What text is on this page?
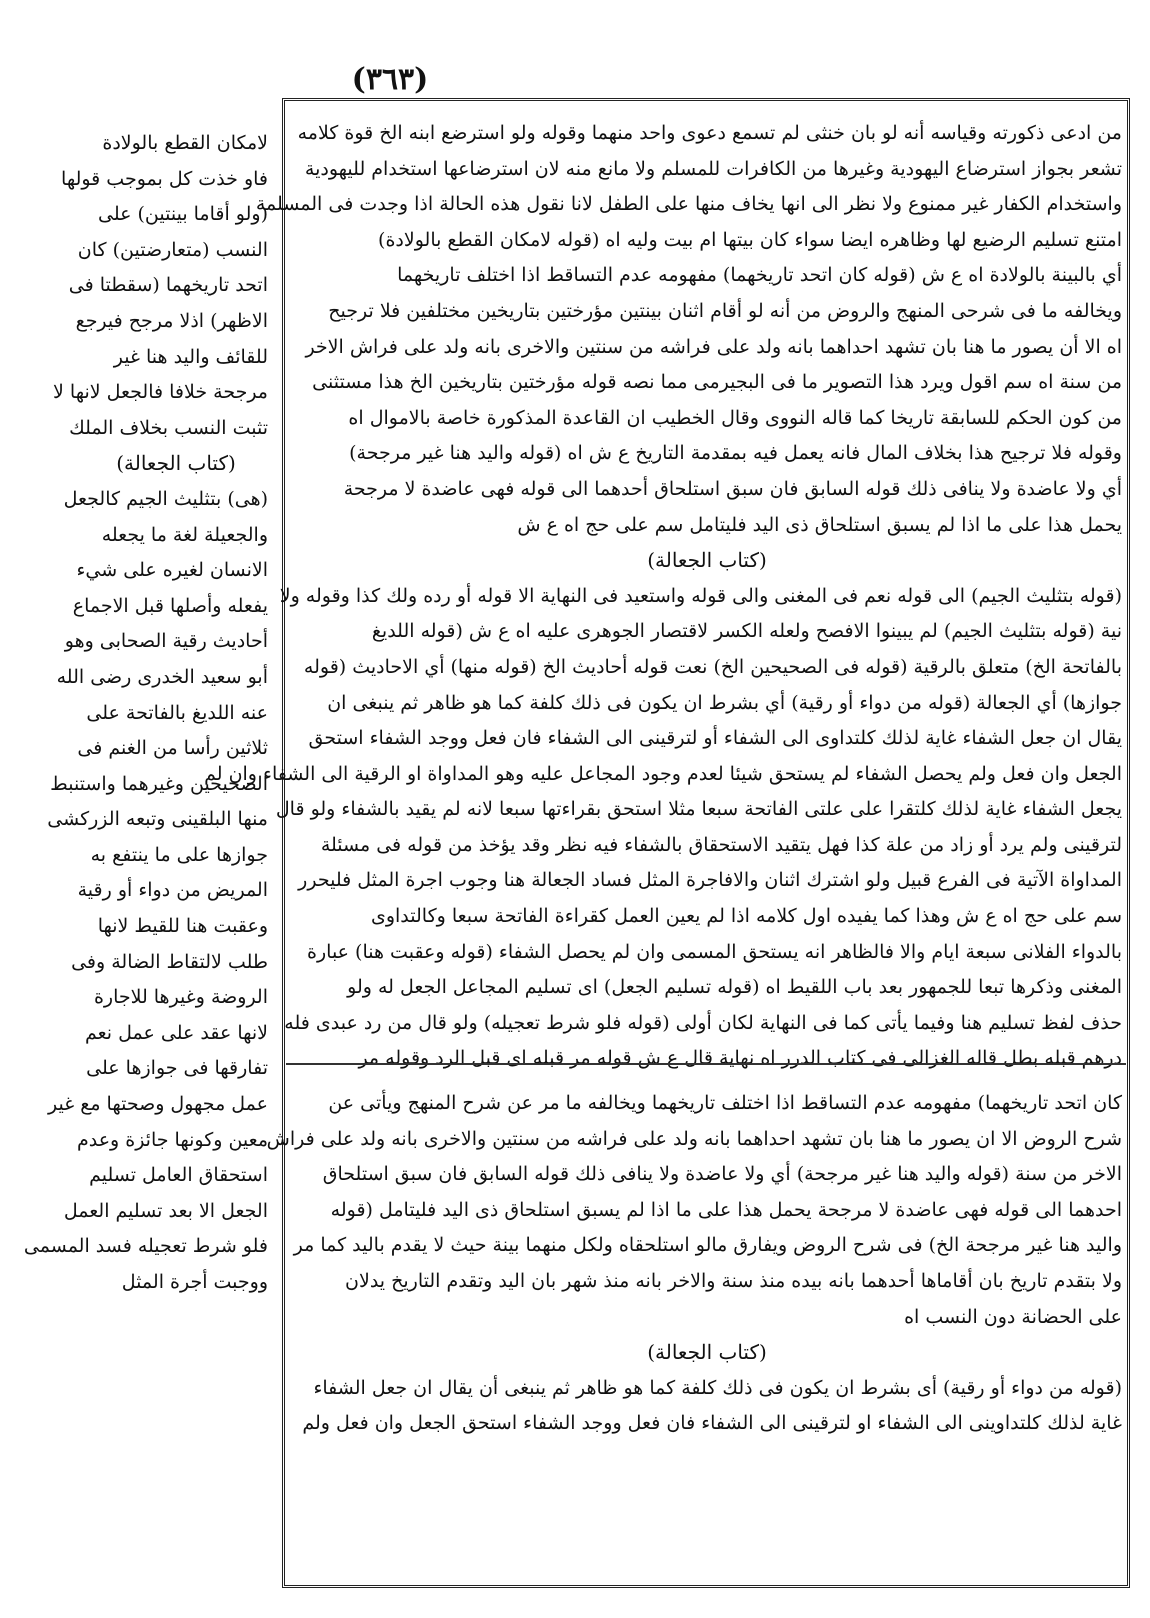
(٣٦٣)
من ادعی ذكورته وقياسه أنه لو بان خنثى لم تسمع دعوى واحد منهما وقوله ولو استرضع ابنه الخ قوة كلامه
تشعر بجواز استرضاع اليهودية وغيرها من الكافرات للمسلم ولا مانع منه لان استرضاعها استخدام لليهودية
واستخدام الكفار غير ممنوع ولا نظر الى انها يخاف منها على الطفل لانا نقول هذه الحالة اذا وجدت فى المسلمة
امتنع تسليم الرضيع لها وظاهره ايضا سواء كان بيتها ام بيت وليه اه (قوله لامكان القطع بالولادة)
أي بالبينة بالولادة اه ع ش (قوله كان اتحد تاريخهما) مفهومه عدم التساقط اذا اختلف تاريخهما
ويخالفه ما فى شرحى المنهج والروض من أنه لو أقام اثنان بينتين مؤرختين بتاريخين مختلفين فلا ترجيح
اه الا أن يصور ما هنا بان تشهد احداهما بانه ولد على فراشه من سنتين والاخرى بانه ولد على فراش الاخر
من سنة اه سم اقول ويرد هذا التصوير ما فى البجيرمى مما نصه قوله مؤرختين بتاريخين الخ هذا مستثنى
من كون الحكم للسابقة تاريخا كما قاله النووى وقال الخطيب ان القاعدة المذكورة خاصة بالاموال اه
وقوله فلا ترجيح هذا بخلاف المال فانه يعمل فيه بمقدمة التاريخ ع ش اه (قوله واليد هنا غير مرجحة)
أي ولا عاضدة ولا ينافى ذلك قوله السابق فان سبق استلحاق أحدهما الى قوله فهى عاضدة لا مرجحة
يحمل هذا على ما اذا لم يسبق استلحاق ذى اليد فليتامل سم على حج اه ع ش
(كتاب الجعالة)
(قوله بتثليث الجيم) الى قوله نعم فى المغنى والى قوله واستعيد فى النهاية الا قوله أو رده ولك كذا وقوله ولا
نية (قوله بتثليث الجيم) لم يبينوا الافصح ولعله الكسر لاقتصار الجوهرى عليه اه ع ش (قوله اللديغ
بالفاتحة الخ) متعلق بالرقية (قوله فى الصحيحين الخ) نعت قوله أحاديث الخ (قوله منها) أي الاحاديث (قوله
جوازها) أي الجعالة (قوله من دواء أو رقية) أي بشرط ان يكون فى ذلك كلفة كما هو ظاهر ثم ينبغى ان
يقال ان جعل الشفاء غاية لذلك كلتداوى الى الشفاء أو لترقينى الى الشفاء فان فعل ووجد الشفاء استحق
الجعل وان فعل ولم يحصل الشفاء لم يستحق شيئا لعدم وجود المجاعل عليه وهو المداواة او الرقية الى الشفاء وان لم
يجعل الشفاء غاية لذلك كلتقرا على علتى الفاتحة سبعا مثلا استحق بقراءتها سبعا لانه لم يقيد بالشفاء ولو قال
لترقينى ولم يرد أو زاد من علة كذا فهل يتقيد الاستحقاق بالشفاء فيه نظر وقد يؤخذ من قوله فى مسئلة
المداواة الآتية فى الفرع قبيل ولو اشترك اثنان والافاجرة المثل فساد الجعالة هنا وجوب اجرة المثل فليحرر
سم على حج اه ع ش وهذا كما يفيده اول كلامه اذا لم يعين العمل كقراءة الفاتحة سبعا وكالتداوى
بالدواء الفلانى سبعة ايام والا فالظاهر انه يستحق المسمى وان لم يحصل الشفاء (قوله وعقبت هنا) عبارة
المغنى وذكرها تبعا للجمهور بعد باب اللقيط اه (قوله تسليم الجعل) اى تسليم المجاعل الجعل له ولو
حذف لفظ تسليم هنا وفيما يأتى كما فى النهاية لكان أولى (قوله فلو شرط تعجيله) ولو قال من رد عبدى فله
درهم قبله بطل قاله الغزالى فى كتاب الدرر اه نهاية قال ع ش قوله مر قبله اى قبل الرد وقوله مر
كان اتحد تاريخهما) مفهومه عدم التساقط اذا اختلف تاريخهما ويخالفه ما مر عن شرح المنهج ويأتى عن
شرح الروض الا ان يصور ما هنا بان تشهد احداهما بانه ولد على فراشه من سنتين والاخرى بانه ولد على فراش
الاخر من سنة (قوله واليد هنا غير مرجحة) أي ولا عاضدة ولا ينافى ذلك قوله السابق فان سبق استلحاق
احدهما الى قوله فهى عاضدة لا مرجحة يحمل هذا على ما اذا لم يسبق استلحاق ذى اليد فليتامل (قوله
واليد هنا غير مرجحة الخ) فى شرح الروض ويفارق مالو استلحقاه ولكل منهما بينة حيث لا يقدم باليد كما مر
ولا بتقدم تاريخ بان أقاماها أحدهما بانه بيده منذ سنة والاخر بانه منذ شهر بان اليد وتقدم التاريخ يدلان
على الحضانة دون النسب اه
(كتاب الجعالة)
(قوله من دواء أو رقية) أى بشرط ان يكون فى ذلك كلفة كما هو ظاهر ثم ينبغى أن يقال ان جعل الشفاء
غاية لذلك كلتداوينى الى الشفاء او لترقينى الى الشفاء فان فعل ووجد الشفاء استحق الجعل وان فعل ولم
لامكان القطع بالولادة
فاو خذت كل بموجب قولها
(ولو أقاما بينتين) على
النسب (متعارضتين) كان
اتحد تاريخهما (سقطتا فى
الاظهر) اذلا مرجح فيرجع
للقائف واليد هنا غير
مرجحة خلافا فالجعل لانها لا
تثبت النسب بخلاف الملك
(كتاب الجعالة)
(هى) بتثليث الجيم كالجعل
والجعيلة لغة ما يجعله
الانسان لغيره على شيء
يفعله وأصلها قبل الاجماع
أحاديث رقية الصحابى وهو
أبو سعيد الخدرى رضى الله
عنه اللديغ بالفاتحة على
ثلاثين رأسا من الغنم فى
الصحيحين وغيرهما واستنبط
منها البلقينى وتبعه الزركشى
جوازها على ما ينتفع به
المريض من دواء أو رقية
وعقبت هنا للقيط لانها
طلب لالتقاط الضالة وفى
الروضة وغيرها للاجارة
لانها عقد على عمل نعم
تفارقها فى جوازها على
عمل مجهول وصحتها مع غير
معين وكونها جائزة وعدم
استحقاق العامل تسليم
الجعل الا بعد تسليم العمل
فلو شرط تعجيله فسد المسمى
ووجبت أجرة المثل
